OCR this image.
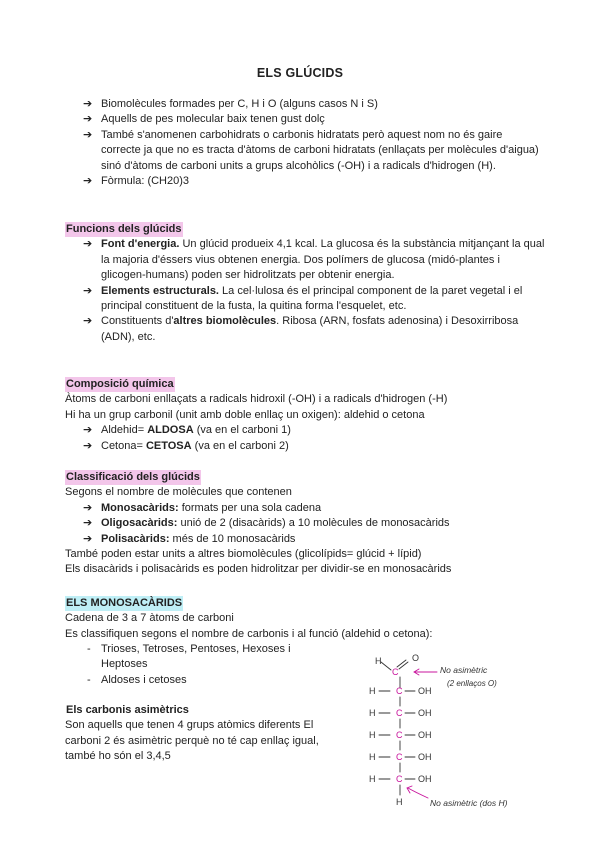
ELS GLÚCIDS
➔ Biomolècules formades per C, H i O (alguns casos N i S)
➔ Aquells de pes molecular baix tenen gust dolç
➔ També s'anomenen carbohidrats o carbonis hidratats però aquest nom no és gaire correcte ja que no es tracta d'àtoms de carboni hidratats (enllaçats per molècules d'aigua) sinó d'àtoms de carboni units a grups alcohòlics (-OH) i a radicals d'hidrogen (H).
➔ Fòrmula: (CH20)3
Funcions dels glúcids
➔ Font d'energia. Un glúcid produeix 4,1 kcal. La glucosa és la substància mitjançant la qual la majoria d'éssers vius obtenen energia. Dos polímers de glucosa (midó-plantes i glicogen-humans) poden ser hidrolitzats per obtenir energia.
➔ Elements estructurals. La cel·lulosa és el principal component de la paret vegetal i el principal constituent de la fusta, la quitina forma l'esquelet, etc.
➔ Constituents d'altres biomolècules. Ribosa (ARN, fosfats adenosina) i Desoxirribosa (ADN), etc.
Composició química

Àtoms de carboni enllaçats a radicals hidroxil (-OH) i a radicals d'hidrogen (-H)

Hi ha un grup carbonil (unit amb doble enllaç un oxigen): aldehid o cetona

➔ Aldehid= ALDOSA (va en el carboni 1)
➔ Cetona= CETOSA (va en el carboni 2)
Classificació dels glúcids

Segons el nombre de molècules que contenen

➔ Monosacàrids: formats per una sola cadena
➔ Oligosacàrids: unió de 2 (disacàrids) a 10 molècules de monosacàrids
➔ Polisacàrids: més de 10 monosacàrids

També poden estar units a altres biomolècules (glicolípids= glúcid + lípid)

Els disacàrids i polisacàrids es poden hidrolitzar per dividir-se en monosacàrids

ELS MONOSACÀRIDS

Cadena de 3 a 7 àtoms de carboni

Es classifiquen segons el nombre de carbonis i al funció (aldehid o cetona):

- Trioses, Tetroses, Pentoses, Hexoses i Heptoses
- Aldoses i cetoses
Els carbonis asimètrics

Son aquells que tenen 4 grups atòmics diferents El carboni 2 és asimètric perquè no té cap enllaç igual, també ho són el 3,4,5

H
C
O
No asimètric
(2 enllaços O)
H C OH
H C OH
H C OH
H C OH
H C OH
H	No asimètric (dos H)
